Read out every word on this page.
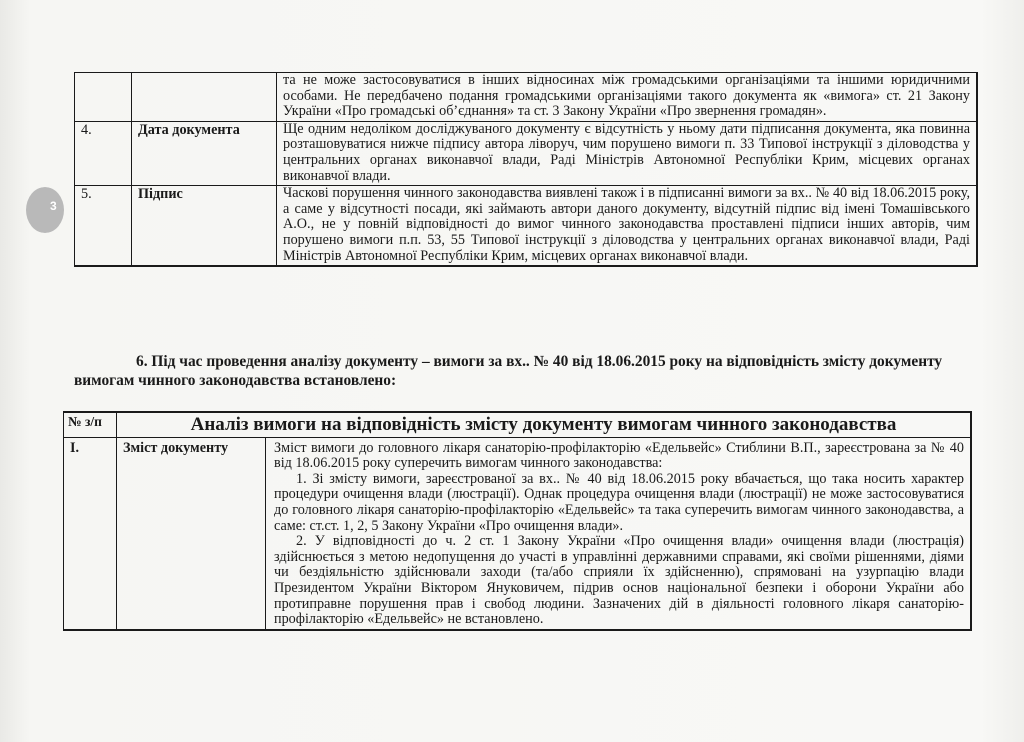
3
		та не може застосовуватися в інших відносинах між громадськими організаціями та іншими юридичними особами. Не передбачено подання громадськими організаціями такого документа як «вимога» ст. 21 Закону України «Про громадські об’єднання» та ст. 3 Закону України «Про звернення громадян».
4.	Дата документа	Ще одним недоліком досліджуваного документу є відсутність у ньому дати підписання документа, яка повинна розташовуватися нижче підпису автора ліворуч, чим порушено вимоги п. 33 Типової інструкції з діловодства у центральних органах виконавчої влади, Раді Міністрів Автономної Республіки Крим, місцевих органах виконавчої влади.
5.	Підпис	Часкові порушення чинного законодавства виявлені також і в підписанні вимоги за вх.. № 40 від 18.06.2015 року, а саме у відсутності посади, які займають автори даного документу, відсутній підпис від імені Томашівського А.О., не у повній відповідності до вимог чинного законодавства проставлені підписи інших авторів, чим порушено вимоги п.п. 53, 55 Типової інструкції з діловодства у центральних органах виконавчої влади, Раді Міністрів Автономної Республіки Крим, місцевих органах виконавчої влади.
6. Під час проведення аналізу документу – вимоги за вх.. № 40 від 18.06.2015 року на відповідність змісту документу вимогам чинного законодавства встановлено:
№ з/п	Аналіз вимоги на відповідність змісту документу вимогам чинного законодавства	
I.	Зміст документу	Зміст вимоги до головного лікаря санаторію-профілакторію «Едельвейс» Стиблини В.П., зареєстрована за № 40 від 18.06.2015 року суперечить вимогам чинного законодавства:
1. Зі змісту вимоги, зареєстрованої за вх.. № 40 від 18.06.2015 року вбачається, що така носить характер процедури очищення влади (люстрації). Однак процедура очищення влади (люстрації) не може застосовуватися до головного лікаря санаторію-профілакторію «Едельвейс» та така суперечить вимогам чинного законодавства, а саме: ст.ст. 1, 2, 5 Закону України «Про очищення влади».
2. У відповідності до ч. 2 ст. 1 Закону України «Про очищення влади» очищення влади (люстрація) здійснюється з метою недопущення до участі в управлінні державними справами, які своїми рішеннями, діями чи бездіяльністю здійснювали заходи (та/або сприяли їх здійсненню), спрямовані на узурпацію влади Президентом України Віктором Януковичем, підрив основ національної безпеки і оборони України або протиправне порушення прав і свобод людини. Зазначених дій в діяльності головного лікаря санаторію-профілакторію «Едельвейс» не встановлено.
